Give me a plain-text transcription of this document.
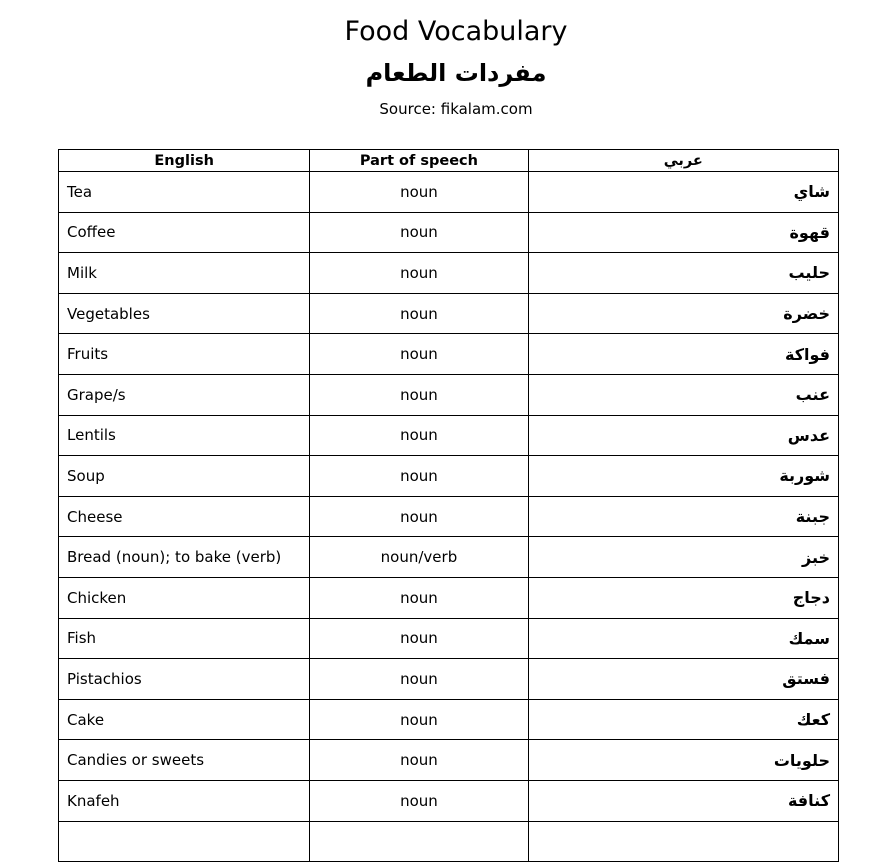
Food Vocabulary
مفردات الطعام
Source: fikalam.com
English	Part of speech	عربي
Tea	noun	شاي
Coffee	noun	قهوة
Milk	noun	حليب
Vegetables	noun	خضرة
Fruits	noun	فواكة
Grape/s	noun	عنب
Lentils	noun	عدس
Soup	noun	شوربة
Cheese	noun	جبنة
Bread (noun); to bake (verb)	noun/verb	خبز
Chicken	noun	دجاج
Fish	noun	سمك
Pistachios	noun	فستق
Cake	noun	كعك
Candies or sweets	noun	حلويات
Knafeh	noun	كنافة
